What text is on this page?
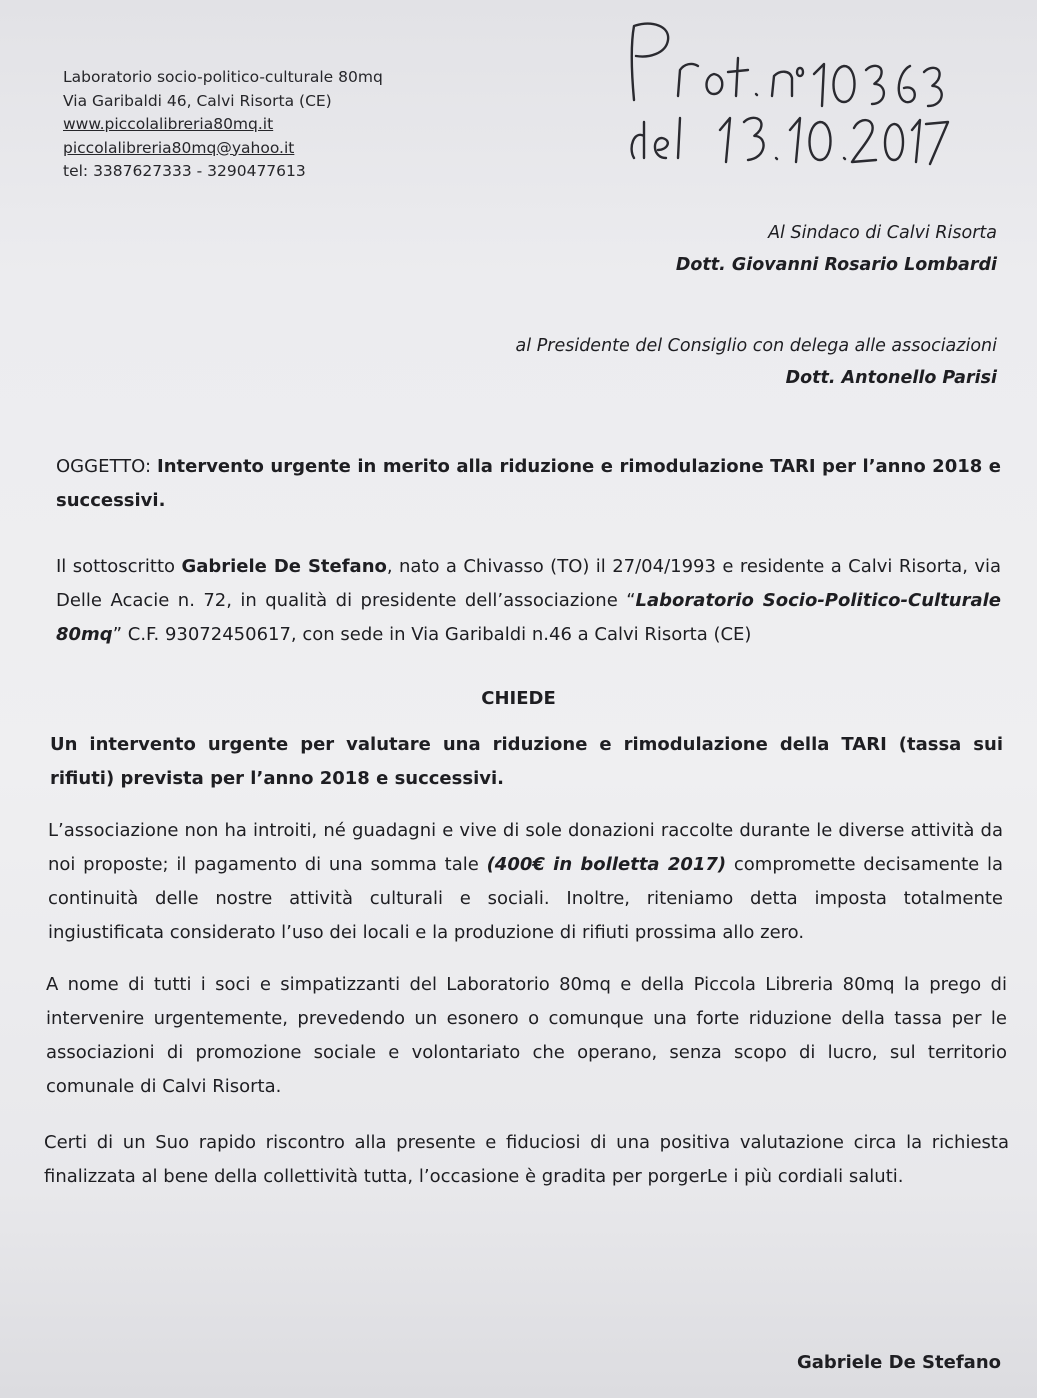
Laboratorio socio-politico-culturale 80mq
Via Garibaldi 46, Calvi Risorta (CE)
www.piccolalibreria80mq.it
piccolalibreria80mq@yahoo.it
tel: 3387627333 - 3290477613
Al Sindaco di Calvi Risorta
Dott. Giovanni Rosario Lombardi
al Presidente del Consiglio con delega alle associazioni
Dott. Antonello Parisi
OGGETTO: Intervento urgente in merito alla riduzione e rimodulazione TARI per l’anno 2018 e successivi.
Il sottoscritto Gabriele De Stefano, nato a Chivasso (TO) il 27/04/1993 e residente a Calvi Risorta, via Delle Acacie n. 72, in qualità di presidente dell’associazione “Laboratorio Socio-Politico-Culturale 80mq” C.F. 93072450617, con sede in Via Garibaldi n.46 a Calvi Risorta (CE)
CHIEDE
Un intervento urgente per valutare una riduzione e rimodulazione della TARI (tassa sui rifiuti) prevista per l’anno 2018 e successivi.
L’associazione non ha introiti, né guadagni e vive di sole donazioni raccolte durante le diverse attività da noi proposte; il pagamento di una somma tale (400€ in bolletta 2017) compromette decisamente la continuità delle nostre attività culturali e sociali. Inoltre, riteniamo detta imposta totalmente ingiustificata considerato l’uso dei locali e la produzione di rifiuti prossima allo zero.
A nome di tutti i soci e simpatizzanti del Laboratorio 80mq e della Piccola Libreria 80mq la prego di intervenire urgentemente, prevedendo un esonero o comunque una forte riduzione della tassa per le associazioni di promozione sociale e volontariato che operano, senza scopo di lucro, sul territorio comunale di Calvi Risorta.
Certi di un Suo rapido riscontro alla presente e fiduciosi di una positiva valutazione circa la richiesta finalizzata al bene della collettività tutta, l’occasione è gradita per porgerLe i più cordiali saluti.
Gabriele De Stefano
